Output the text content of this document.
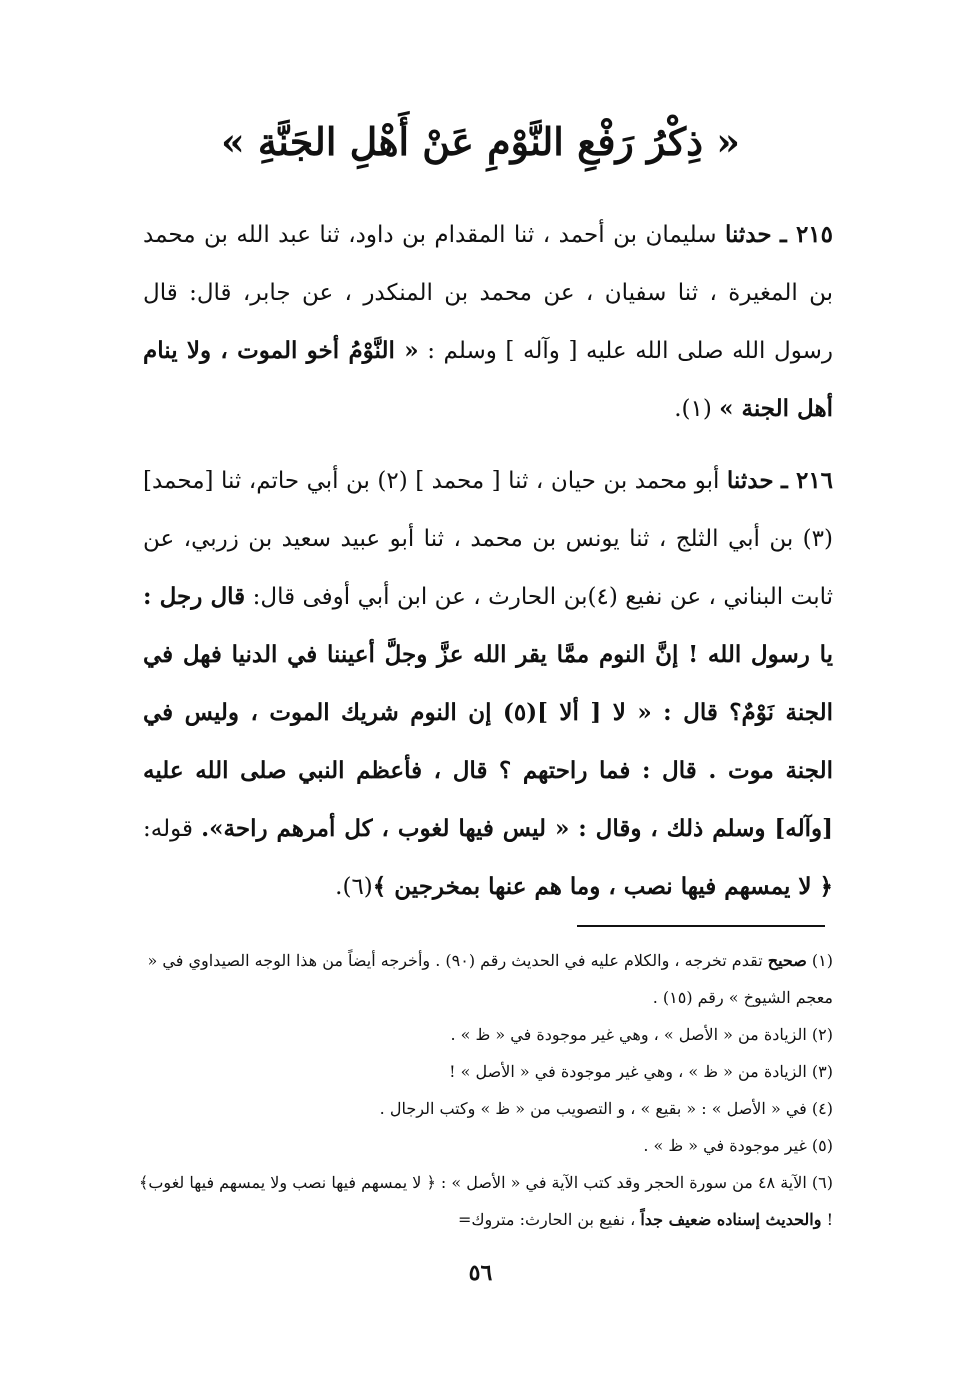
« ذِكْرُ رَفْعِ النَّوْمِ عَنْ أَهْلِ الجَنَّةِ »

٢١٥ ـ حدثنا سليمان بن أحمد ، ثنا المقدام بن داود، ثنا عبد الله بن محمد بن المغيرة ، ثنا سفيان ، عن محمد بن المنكدر ، عن جابر، قال: قال رسول الله صلى الله عليه [ وآله ] وسلم : « النَّوْمُ أخو الموت ، ولا ينام أهل الجنة » (١).

٢١٦ ـ حدثنا أبو محمد بن حيان ، ثنا [ محمد ] (٢) بن أبي حاتم، ثنا [محمد] (٣) بن أبي الثلج ، ثنا يونس بن محمد ، ثنا أبو عبيد سعيد بن زربي، عن ثابت البناني ، عن نفيع (٤)بن الحارث ، عن ابن أبي أوفى قال: قال رجل : يا رسول الله ! إنَّ النوم ممَّا يقر الله عزَّ وجلَّ أعيننا في الدنيا فهل في الجنة نَوْمٌ؟ قال : « لا [ ألا ](٥) إن النوم شريك الموت ، وليس في الجنة موت . قال : فما راحتهم ؟ قال ، فأعظم النبي صلى الله عليه [وآله] وسلم ذلك ، وقال : « ليس فيها لغوب ، كل أمرهم راحة». قوله: ﴿ لا يمسهم فيها نصب ، وما هم عنها بمخرجين ﴾(٦).

(١) صحيح تقدم تخرجه ، والكلام عليه في الحديث رقم (٩٠) . وأخرجه أيضاً من هذا الوجه الصيداوي في « معجم الشيوخ » رقم (١٥) .

(٢) الزيادة من « الأصل » ، وهي غير موجودة في « ظ » .

(٣) الزيادة من « ظ » ، وهي غير موجودة في « الأصل » !

(٤) في « الأصل » : « بقيع » ، و التصويب من « ظ » وكتب الرجال .

(٥) غير موجودة في « ظ » .

(٦) الآية ٤٨ من سورة الحجر وقد كتب الآية في « الأصل » : ﴿ لا يمسهم فيها نصب ولا يمسهم فيها لغوب﴾ ! والحديث إسناده ضعيف جداً ، نفيع بن الحارث: متروك=

٥٦
